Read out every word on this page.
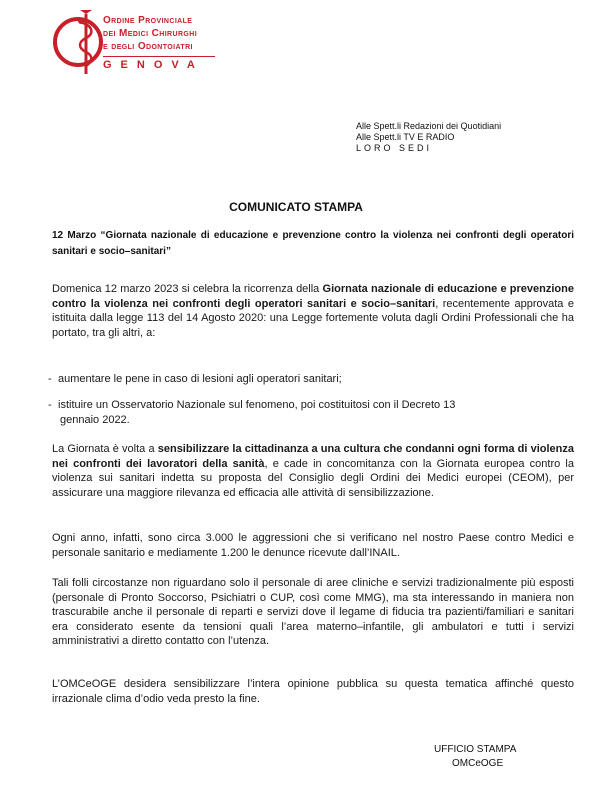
Ordine Provinciale
dei Medici Chirurghi
e degli Odontoiatri
GENOVA
Alle Spett.li Redazioni dei Quotidiani
Alle Spett.li TV E RADIO
LORO SEDI
COMUNICATO STAMPA
12 Marzo “Giornata nazionale di educazione e prevenzione contro la violenza nei confronti degli operatori sanitari e socio–sanitari”
Domenica 12 marzo 2023 si celebra la ricorrenza della Giornata nazionale di educazione e prevenzione contro la violenza nei confronti degli operatori sanitari e socio–sanitari, recentemente approvata e istituita dalla legge 113 del 14 Agosto 2020: una Legge fortemente voluta dagli Ordini Professionali che ha portato, tra gli altri, a:
- aumentare le pene in caso di lesioni agli operatori sanitari;
- istituire un Osservatorio Nazionale sul fenomeno, poi costituitosi con il Decreto 13
gennaio 2022.
La Giornata è volta a sensibilizzare la cittadinanza a una cultura che condanni ogni forma di violenza nei confronti dei lavoratori della sanità, e cade in concomitanza con la Giornata europea contro la violenza sui sanitari indetta su proposta del Consiglio degli Ordini dei Medici europei (CEOM), per assicurare una maggiore rilevanza ed efficacia alle attività di sensibilizzazione.
Ogni anno, infatti, sono circa 3.000 le aggressioni che si verificano nel nostro Paese contro Medici e personale sanitario e mediamente 1.200 le denunce ricevute dall’INAIL.
Tali folli circostanze non riguardano solo il personale di aree cliniche e servizi tradizionalmente più esposti (personale di Pronto Soccorso, Psichiatri o CUP, così come MMG), ma sta interessando in maniera non trascurabile anche il personale di reparti e servizi dove il legame di fiducia tra pazienti/familiari e sanitari era considerato esente da tensioni quali l’area materno–infantile, gli ambulatori e tutti i servizi amministrativi a diretto contatto con l’utenza.
L’OMCeOGE desidera sensibilizzare l’intera opinione pubblica su questa tematica affinché questo irrazionale clima d’odio veda presto la fine.
UFFICIO STAMPA
OMCeOGE
